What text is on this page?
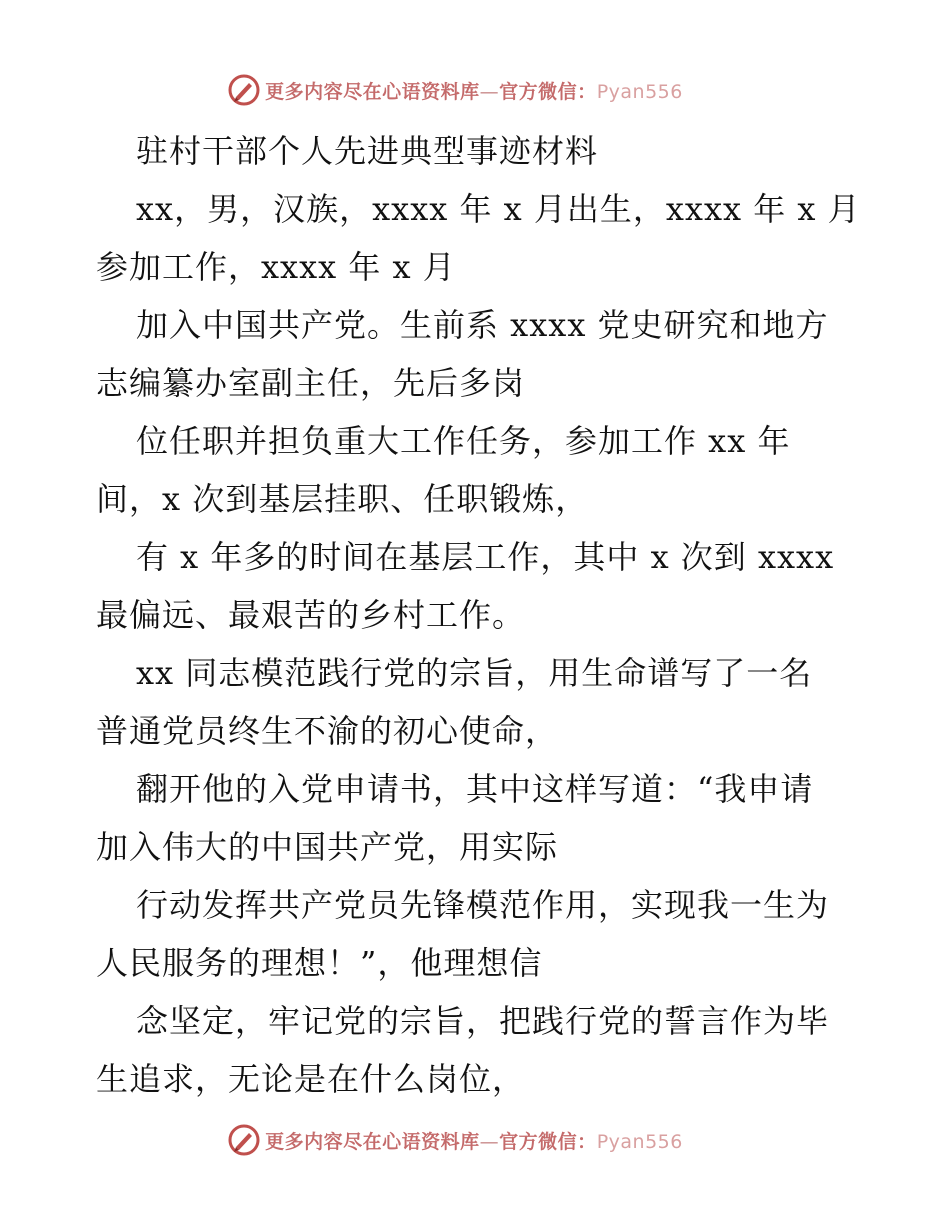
更多内容尽在心语资料库—官方微信：Pyan556
驻村干部个人先进典型事迹材料
xx，男，汉族，xxxx 年 x 月出生，xxxx 年 x 月
参加工作，xxxx 年 x 月
加入中国共产党。生前系 xxxx 党史研究和地方
志编纂办室副主任，先后多岗
位任职并担负重大工作任务，参加工作 xx 年
间，x 次到基层挂职、任职锻炼，
有 x 年多的时间在基层工作，其中 x 次到 xxxx
最偏远、最艰苦的乡村工作。
xx 同志模范践行党的宗旨，用生命谱写了一名
普通党员终生不渝的初心使命，
翻开他的入党申请书，其中这样写道：“我申请
加入伟大的中国共产党，用实际
行动发挥共产党员先锋模范作用，实现我一生为
人民服务的理想！”，他理想信
念坚定，牢记党的宗旨，把践行党的誓言作为毕
生追求，无论是在什么岗位，
更多内容尽在心语资料库—官方微信：Pyan556
